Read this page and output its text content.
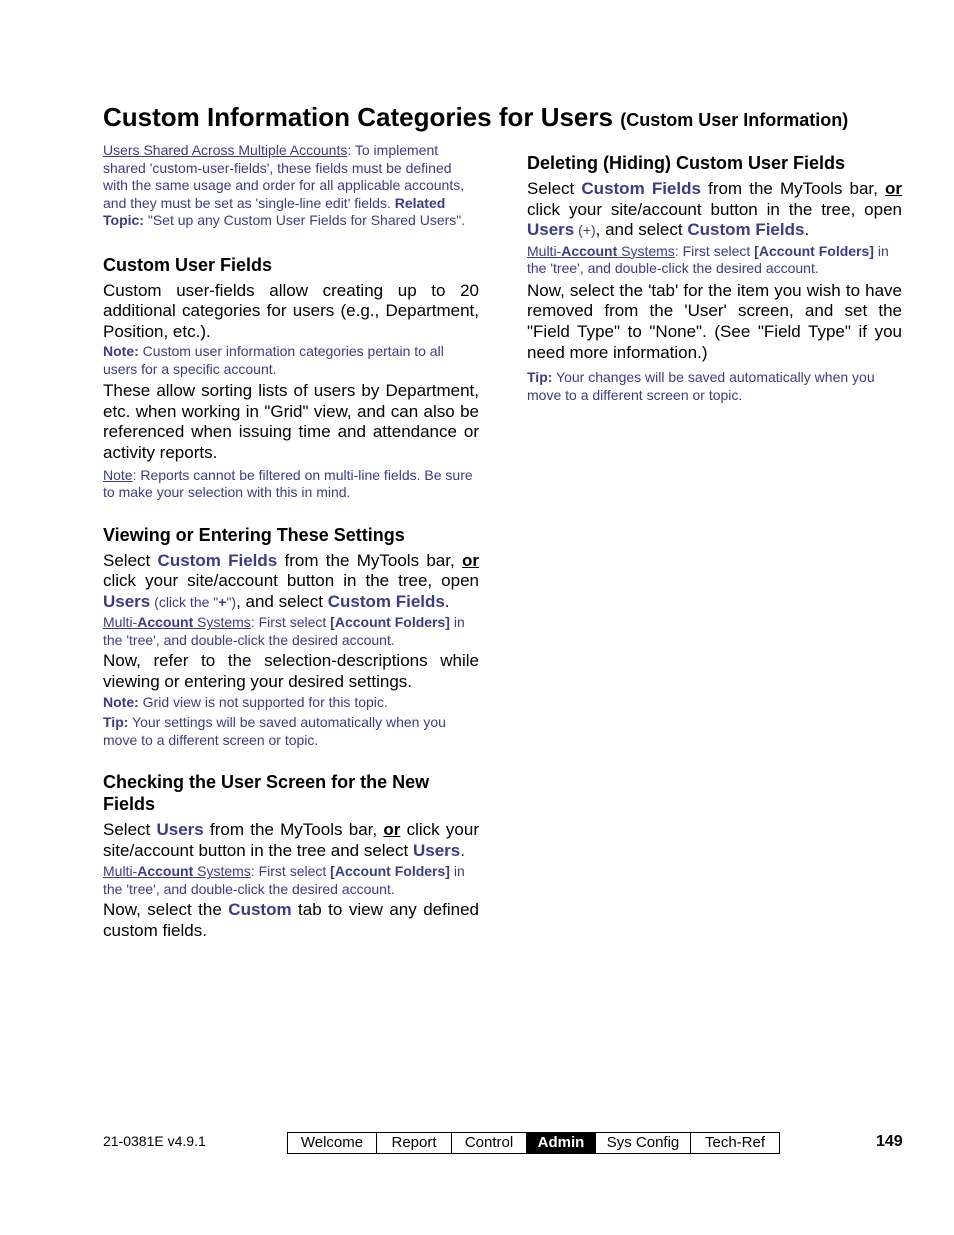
Custom Information Categories for Users (Custom User Information)

Users Shared Across Multiple Accounts: To implement shared 'custom-user-fields', these fields must be defined with the same usage and order for all applicable accounts, and they must be set as 'single-line edit' fields. Related Topic: "Set up any Custom User Fields for Shared Users".

Custom User Fields

Custom user-fields allow creating up to 20 additional categories for users (e.g., Department, Position, etc.).

Note: Custom user information categories pertain to all users for a specific account.

These allow sorting lists of users by Department, etc. when working in "Grid" view, and can also be referenced when issuing time and attendance or activity reports.

Note: Reports cannot be filtered on multi-line fields. Be sure to make your selection with this in mind.

Viewing or Entering These Settings

Select Custom Fields from the MyTools bar, or click your site/account button in the tree, open Users (click the "+"), and select Custom Fields.

Multi-Account Systems: First select [Account Folders] in the 'tree', and double-click the desired account.

Now, refer to the selection-descriptions while viewing or entering your desired settings.

Note: Grid view is not supported for this topic.

Tip: Your settings will be saved automatically when you move to a different screen or topic.

Checking the User Screen for the New Fields

Select Users from the MyTools bar, or click your site/account button in the tree and select Users.

Multi-Account Systems: First select [Account Folders] in the 'tree', and double-click the desired account.

Now, select the Custom tab to view any defined custom fields.

Deleting (Hiding) Custom User Fields

Select Custom Fields from the MyTools bar, or click your site/account button in the tree, open Users (+), and select Custom Fields.

Multi-Account Systems: First select [Account Folders] in the 'tree', and double-click the desired account.

Now, select the 'tab' for the item you wish to have removed from the 'User' screen, and set the "Field Type" to "None". (See "Field Type" if you need more information.)

Tip: Your changes will be saved automatically when you move to a different screen or topic.

21-0381E v4.9.1	Welcome	Report	Control	Admin	Sys Config	Tech-Ref	149
